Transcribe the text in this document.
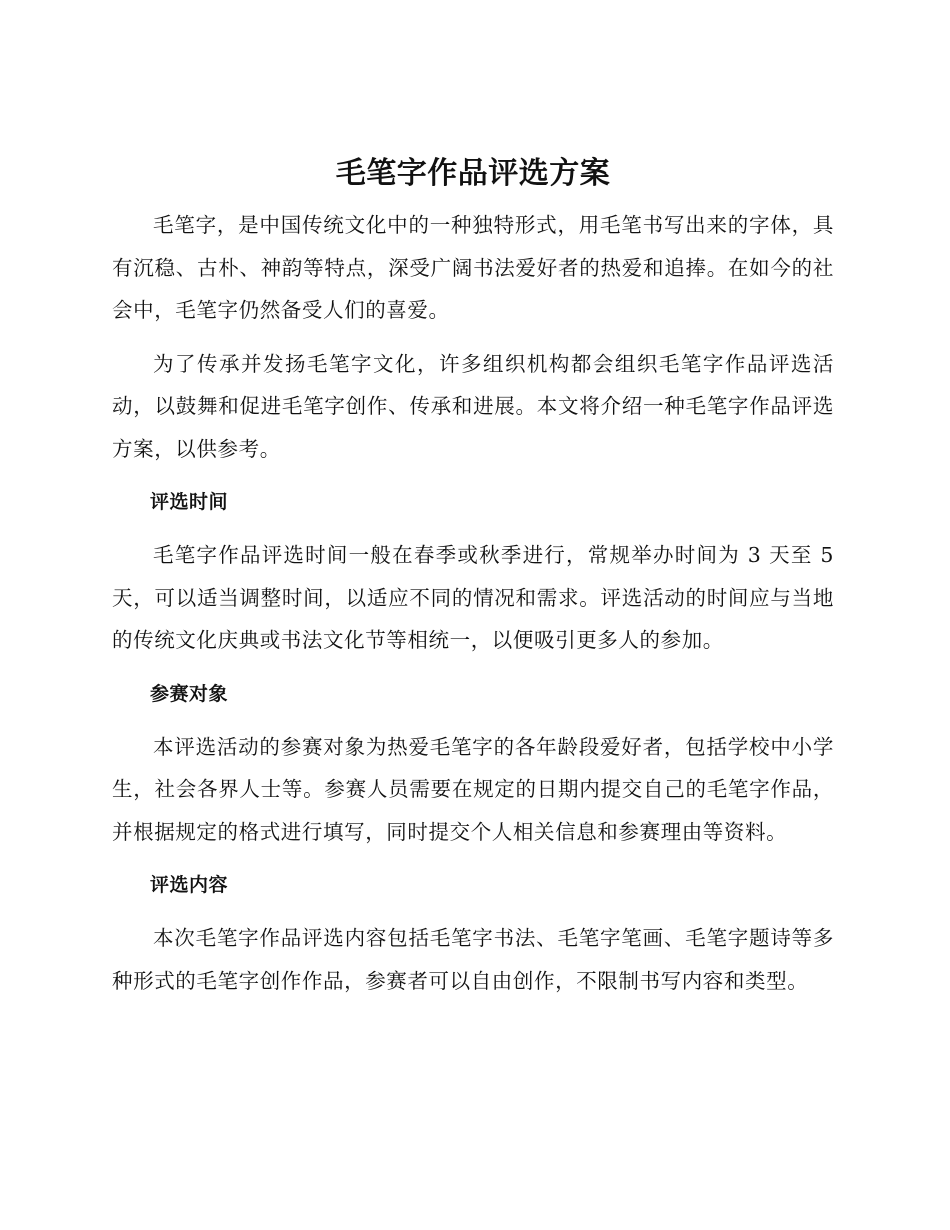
毛笔字作品评选方案

毛笔字，是中国传统文化中的一种独特形式，用毛笔书写出来的字体，具有沉稳、古朴、神韵等特点，深受广阔书法爱好者的热爱和追捧。在如今的社会中，毛笔字仍然备受人们的喜爱。

为了传承并发扬毛笔字文化，许多组织机构都会组织毛笔字作品评选活动，以鼓舞和促进毛笔字创作、传承和进展。本文将介绍一种毛笔字作品评选方案，以供参考。

评选时间

毛笔字作品评选时间一般在春季或秋季进行，常规举办时间为 3 天至 5 天，可以适当调整时间，以适应不同的情况和需求。评选活动的时间应与当地的传统文化庆典或书法文化节等相统一，以便吸引更多人的参加。

参赛对象

本评选活动的参赛对象为热爱毛笔字的各年龄段爱好者，包括学校中小学生，社会各界人士等。参赛人员需要在规定的日期内提交自己的毛笔字作品，并根据规定的格式进行填写，同时提交个人相关信息和参赛理由等资料。

评选内容

本次毛笔字作品评选内容包括毛笔字书法、毛笔字笔画、毛笔字题诗等多种形式的毛笔字创作作品，参赛者可以自由创作，不限制书写内容和类型。
